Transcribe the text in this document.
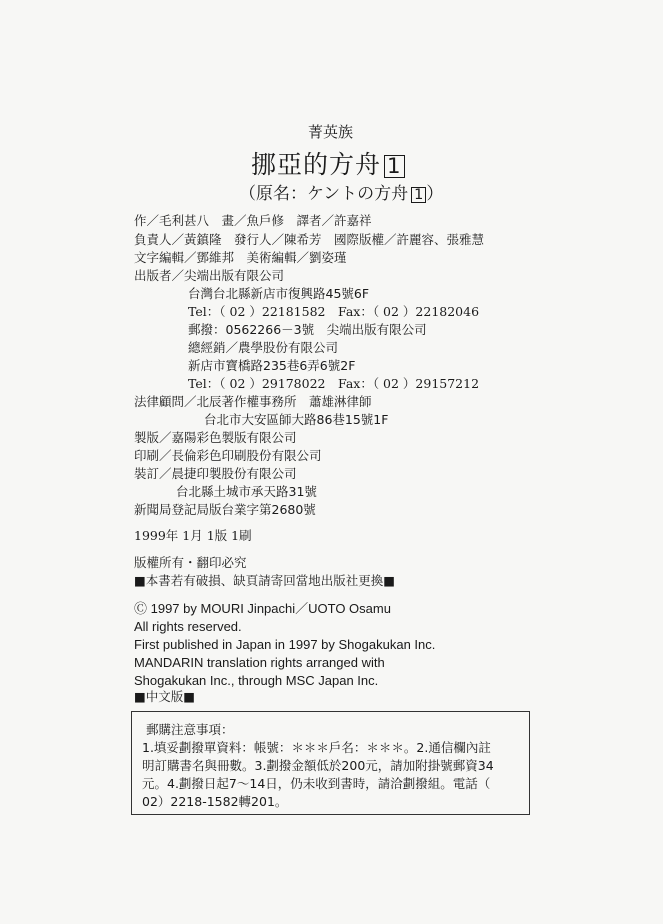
菁英族
挪亞的方舟 1
（原名：ケントの方舟 1 ）
作／毛利甚八　畫／魚戶修　譯者／許嘉祥
負責人／黃鎮隆　發行人／陳希芳　國際版權／許麗容、張雅慧
文字編輯／鄧維邦　美術編輯／劉姿瑾
出版者／尖端出版有限公司
台灣台北縣新店市復興路45號6F
Tel：（ 02 ）22181582　Fax：（ 02 ）22182046
郵撥：0562266－3號　尖端出版有限公司
總經銷／農學股份有限公司
新店市寶橋路235巷6弄6號2F
Tel：（ 02 ）29178022　Fax：（ 02 ）29157212
法律顧問／北辰著作權事務所　蕭雄淋律師
台北市大安區師大路86巷15號1F
製版／嘉陽彩色製版有限公司
印刷／長倫彩色印刷股份有限公司
裝訂／晨捷印製股份有限公司
台北縣土城市承天路31號
新聞局登記局版台業字第2680號
1999年 1月 1版 1刷
版權所有・翻印必究
■本書若有破損、缺頁請寄回當地出版社更換■
Ⓒ 1997 by MOURI Jinpachi／UOTO Osamu
All rights reserved.
First published in Japan in 1997 by Shogakukan Inc.
MANDARIN translation rights arranged with
Shogakukan Inc., through MSC Japan Inc.
■中文版■
郵購注意事項：
1.填妥劃撥單資料：帳號：＊＊＊戶名：＊＊＊。2.通信欄內註
明訂購書名與冊數。3.劃撥金額低於200元，請加附掛號郵資34
元。4.劃撥日起7～14日，仍未收到書時，請洽劃撥組。電話（
02）2218-1582轉201。
